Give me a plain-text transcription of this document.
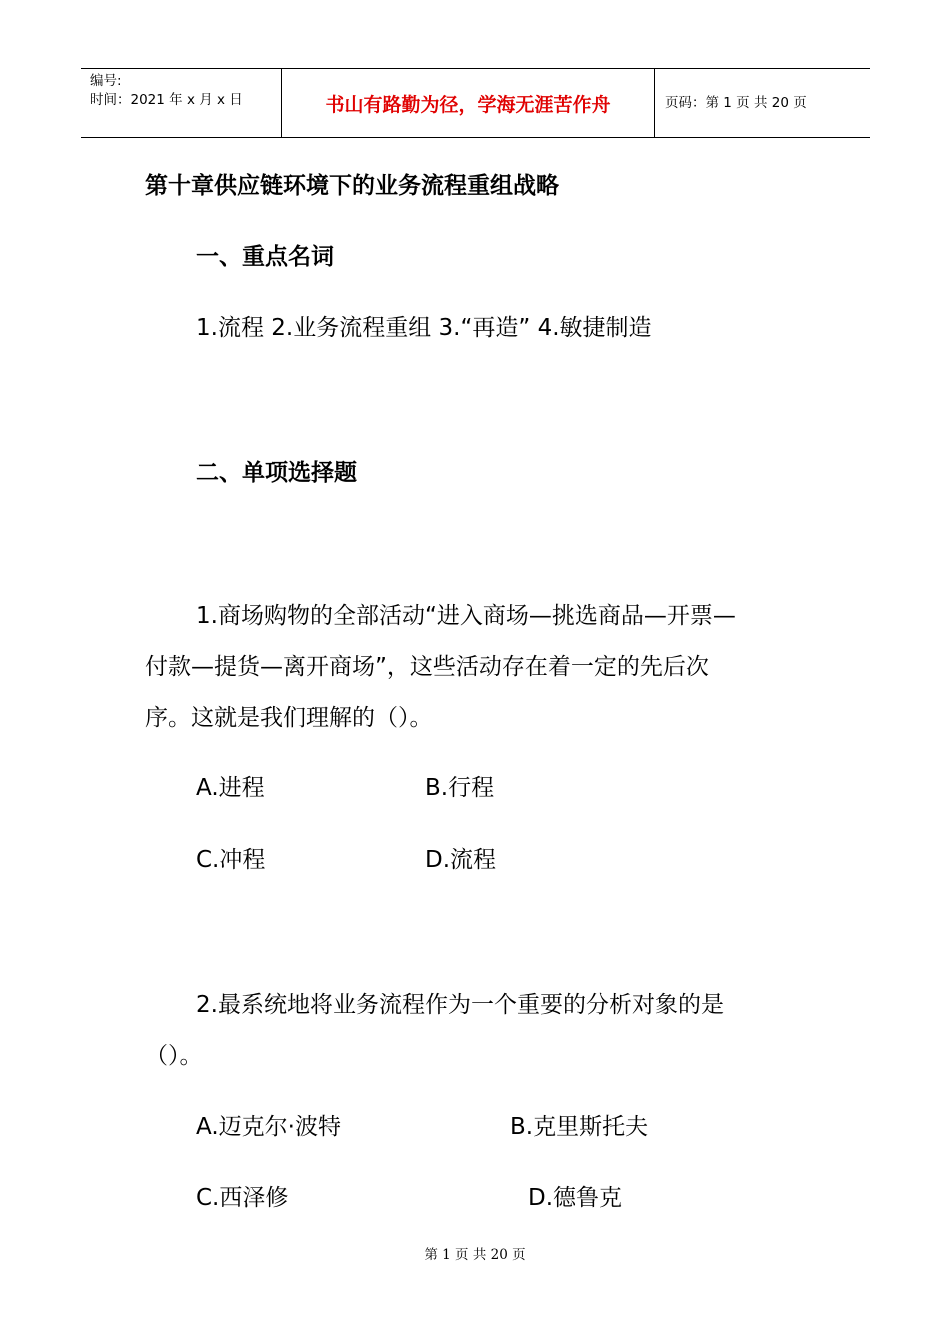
编号:
时间：2021 年 x 月 x 日	书山有路勤为径，学海无涯苦作舟	页码：第 1 页 共 20 页
第十章供应链环境下的业务流程重组战略
一、重点名词
1.流程 2.业务流程重组 3.“再造” 4.敏捷制造
二、单项选择题
1.商场购物的全部活动“进入商场—挑选商品—开票—
付款—提货—离开商场”，这些活动存在着一定的先后次
序。这就是我们理解的（）。
A.进程	B.行程
C.冲程	D.流程
2.最系统地将业务流程作为一个重要的分析对象的是
（）。
A.迈克尔·波特	B.克里斯托夫
C.西泽修	D.德鲁克
第 1 页 共 20 页
